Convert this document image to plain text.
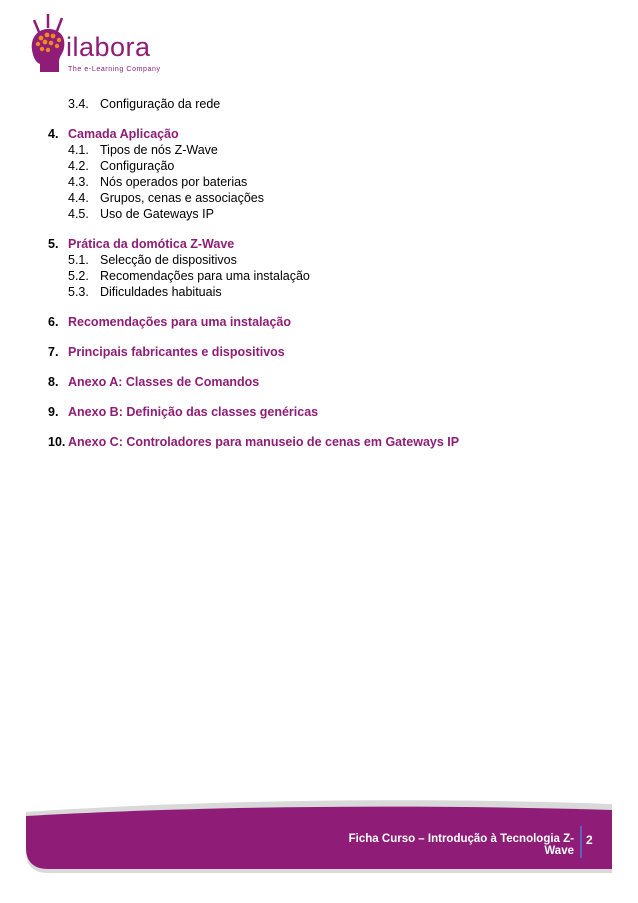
ilabora
The e-Learning Company
3.4. Configuração da rede
4. Camada Aplicação
4.1. Tipos de nós Z-Wave
4.2. Configuração
4.3. Nós operados por baterias
4.4. Grupos, cenas e associações
4.5. Uso de Gateways IP
5. Prática da domótica Z-Wave
5.1. Selecção de dispositivos
5.2. Recomendações para uma instalação
5.3. Dificuldades habituais
6. Recomendações para uma instalação
7. Principais fabricantes e dispositivos
8. Anexo A: Classes de Comandos
9. Anexo B: Definição das classes genéricas
10. Anexo C: Controladores para manuseio de cenas em Gateways IP
Ficha Curso – Introdução à Tecnologia Z-Wave
2
